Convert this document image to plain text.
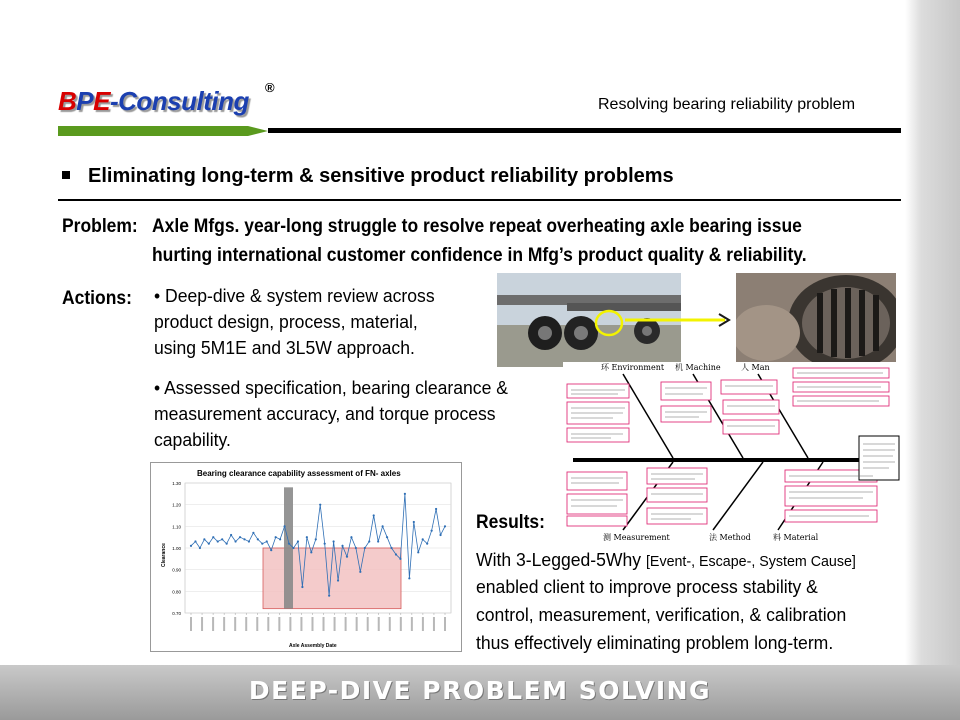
BPE-Consulting ®
Resolving bearing reliability problem
Eliminating long-term & sensitive product reliability problems
Problem: Axle Mfgs. year-long struggle to resolve repeat overheating axle bearing issue
hurting international customer confidence in Mfg’s product quality & reliability.
Actions: • Deep-dive & system review across
product design, process, material,
using 5M1E and 3L5W approach.
• Assessed specification, bearing clearance &
measurement accuracy, and torque process
capability.
环 Environment 机 Machine	人 Man
测 Measurement	法 Method	料 Material
Bearing clearance capability assessment of FN- axles
Clearance
Axle Assembly Date
1.30
1.20
1.10
1.00
0.90
0.80
0.70
Results:
With 3-Legged-5Why [Event-, Escape-, System Cause]
enabled client to improve process stability &
control, measurement, verification, & calibration
thus effectively eliminating problem long-term.
DEEP-DIVE PROBLEM SOLVING
